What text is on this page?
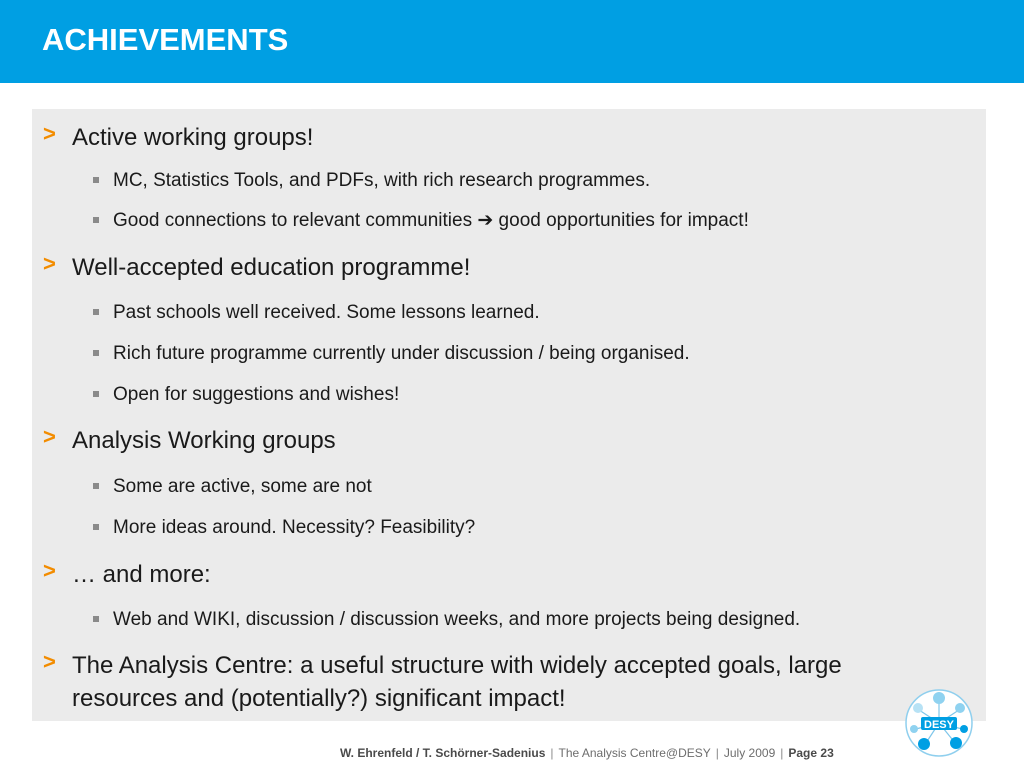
ACHIEVEMENTS
> Active working groups!
MC, Statistics Tools, and PDFs, with rich research programmes.
Good connections to relevant communities ➔ good opportunities for impact!
> Well-accepted education programme!
Past schools well received. Some lessons learned.
Rich future programme currently under discussion / being organised.
Open for suggestions and wishes!
> Analysis Working groups
Some are active, some are not
More ideas around. Necessity? Feasibility?
> … and more:
Web and WIKI, discussion / discussion weeks, and more projects being designed.
> The Analysis Centre: a useful structure with widely accepted goals, large resources and (potentially?) significant impact!
W. Ehrenfeld / T. Schörner-Sadenius | The Analysis Centre@DESY | July 2009 | Page 23
DESY
